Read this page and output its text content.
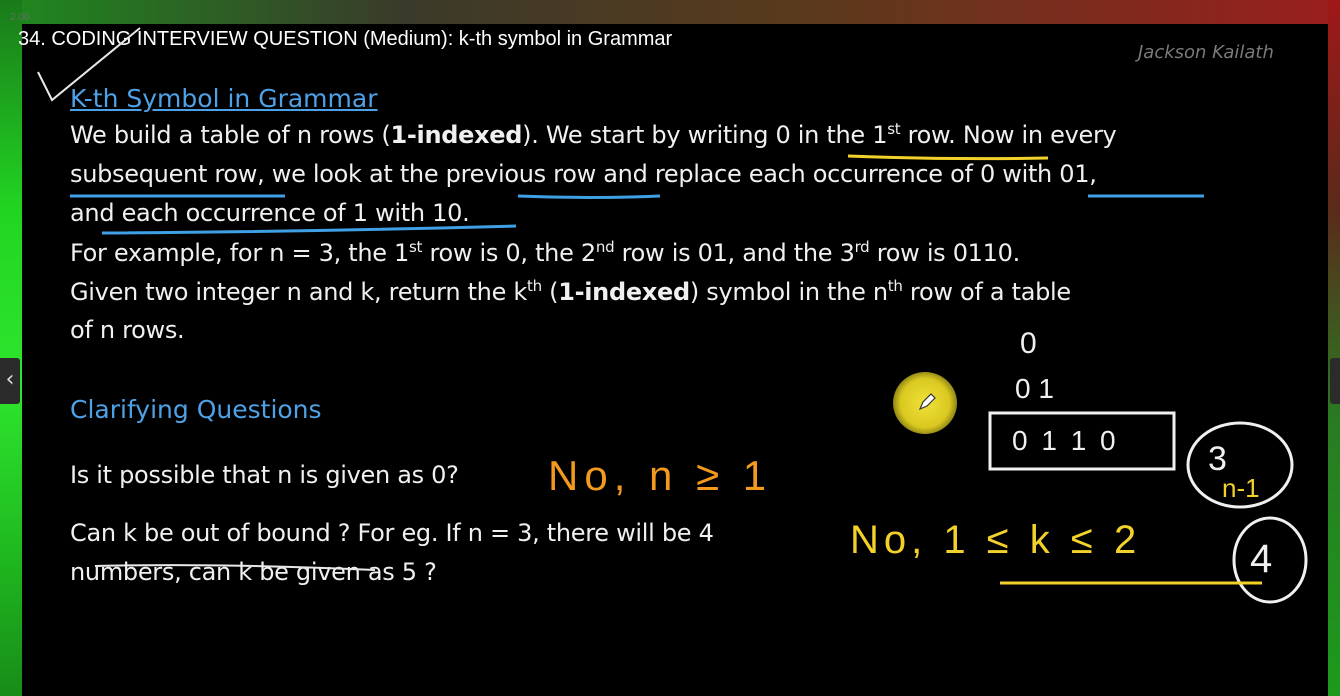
2.00
34. CODING INTERVIEW QUESTION (Medium): k-th symbol in Grammar
Jackson Kailath
K-th Symbol in Grammar
We build a table of n rows (1-indexed). We start by writing 0 in the 1st row. Now in every
subsequent row, we look at the previous row and replace each occurrence of 0 with 01,
and each occurrence of 1 with 10.
For example, for n = 3, the 1st row is 0, the 2nd row is 01, and the 3rd row is 0110.
Given two integer n and k, return the $k^{th}$ (1-indexed) symbol in the $n^{th}$ row of a table
of n rows.
Clarifying Questions
Is it possible that n is given as 0?
Can k be out of bound ? For eg. If n = 3, there will be 4
numbers, can k be given as 5 ?
0
0 1
0 1 1 0
No, n ≥ 1
No, 1 ≤ k ≤ 2
3
n-1
4
‹
